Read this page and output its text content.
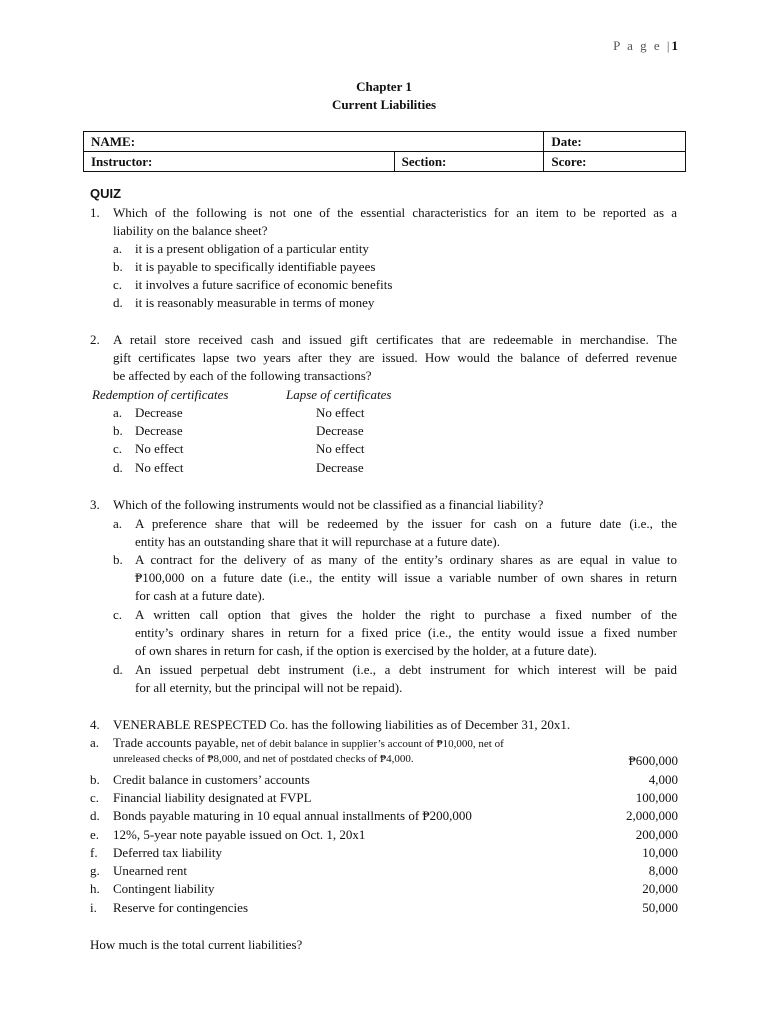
P a g e |1
Chapter 1
Current Liabilities
NAME:		Date:
Instructor:	Section:	Score:
QUIZ
1. Which of the following is not one of the essential characteristics for an item to be reported as a
liability on the balance sheet?
a. it is a present obligation of a particular entity
b. it is payable to specifically identifiable payees
c. it involves a future sacrifice of economic benefits
d. it is reasonably measurable in terms of money
2. A retail store received cash and issued gift certificates that are redeemable in merchandise. The
gift certificates lapse two years after they are issued. How would the balance of deferred revenue
be affected by each of the following transactions?
Redemption of certificates	Lapse of certificates
a. Decrease	No effect
b. Decrease	Decrease
c. No effect	No effect
d. No effect	Decrease
3. Which of the following instruments would not be classified as a financial liability?
a. A preference share that will be redeemed by the issuer for cash on a future date (i.e., the
entity has an outstanding share that it will repurchase at a future date).
b. A contract for the delivery of as many of the entity’s ordinary shares as are equal in value to
₱100,000 on a future date (i.e., the entity will issue a variable number of own shares in return
for cash at a future date).
c. A written call option that gives the holder the right to purchase a fixed number of the
entity’s ordinary shares in return for a fixed price (i.e., the entity would issue a fixed number
of own shares in return for cash, if the option is exercised by the holder, at a future date).
d. An issued perpetual debt instrument (i.e., a debt instrument for which interest will be paid
for all eternity, but the principal will not be repaid).
4. VENERABLE RESPECTED Co. has the following liabilities as of December 31, 20x1.
a. Trade accounts payable, net of debit balance in supplier’s account of ₱10,000, net of
unreleased checks of ₱8,000, and net of postdated checks of ₱4,000.	₱600,000
b. Credit balance in customers’ accounts	4,000
c. Financial liability designated at FVPL	100,000
d. Bonds payable maturing in 10 equal annual installments of ₱200,000	2,000,000
e. 12%, 5-year note payable issued on Oct. 1, 20x1	200,000
f. Deferred tax liability	10,000
g. Unearned rent	8,000
h. Contingent liability	20,000
i. Reserve for contingencies	50,000
How much is the total current liabilities?
